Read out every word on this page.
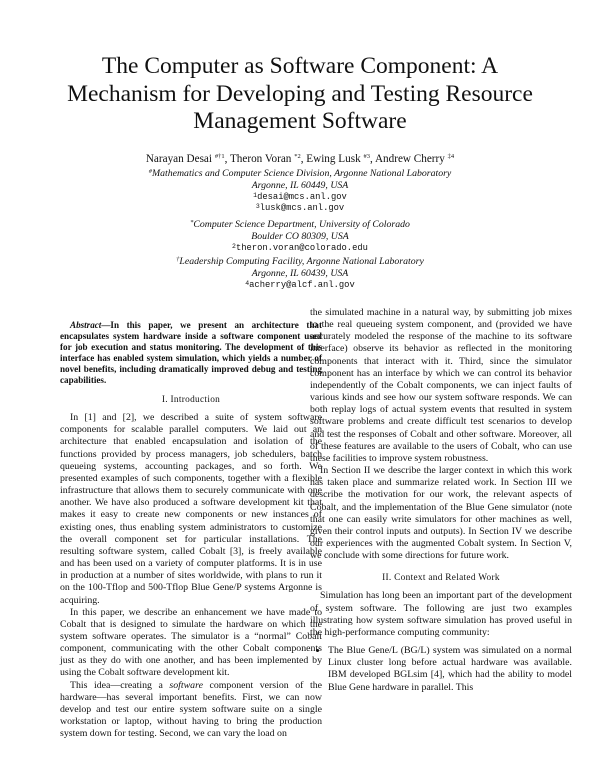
The Computer as Software Component: A
Mechanism for Developing and Testing Resource
Management Software
Narayan Desai $^{\#\dagger 1}$, Theron Voran $^{*2}$, Ewing Lusk $^{\#3}$, Andrew Cherry $^{\ddagger 4}$
#Mathematics and Computer Science Division, Argonne National Laboratory
Argonne, IL 60449, USA
$^1$desai@mcs.anl.gov
$^3$lusk@mcs.anl.gov
*Computer Science Department, University of Colorado
Boulder CO 80309, USA
$^2$theron.voran@colorado.edu
†Leadership Computing Facility, Argonne National Laboratory
Argonne, IL 60439, USA
$^4$acherry@alcf.anl.gov

Abstract—In this paper, we present an architecture that encapsulates system hardware inside a software component used for job execution and status monitoring. The development of this interface has enabled system simulation, which yields a number of novel benefits, including dramatically improved debug and testing capabilities.

I. Introduction

In [1] and [2], we described a suite of system software components for scalable parallel computers. We laid out an architecture that enabled encapsulation and isolation of the functions provided by process managers, job schedulers, batch queueing systems, accounting packages, and so forth. We presented examples of such components, together with a flexible infrastructure that allows them to securely communicate with one another. We have also produced a software development kit that makes it easy to create new components or new instances of existing ones, thus enabling system administrators to customize the overall component set for particular installations. The resulting software system, called Cobalt [3], is freely available and has been used on a variety of computer platforms. It is in use in production at a number of sites worldwide, with plans to run it on the 100-Tflop and 500-Tflop Blue Gene/P systems Argonne is acquiring.

In this paper, we describe an enhancement we have made to Cobalt that is designed to simulate the hardware on which the system software operates. The simulator is a “normal” Cobalt component, communicating with the other Cobalt components just as they do with one another, and has been implemented by using the Cobalt software development kit.

This idea—creating a software component version of the hardware—has several important benefits. First, we can now develop and test our entire system software suite on a single workstation or laptop, without having to bring the production system down for testing. Second, we can vary the load on

the simulated machine in a natural way, by submitting job mixes to the real queueing system component, and (provided we have accurately modeled the response of the machine to its software interface) observe its behavior as reflected in the monitoring components that interact with it. Third, since the simulator component has an interface by which we can control its behavior independently of the Cobalt components, we can inject faults of various kinds and see how our system software responds. We can both replay logs of actual system events that resulted in system software problems and create difficult test scenarios to develop and test the responses of Cobalt and other software. Moreover, all of these features are available to the users of Cobalt, who can use these facilities to improve system robustness.

In Section II we describe the larger context in which this work has taken place and summarize related work. In Section III we describe the motivation for our work, the relevant aspects of Cobalt, and the implementation of the Blue Gene simulator (note that one can easily write simulators for other machines as well, given their control inputs and outputs). In Section IV we describe our experiences with the augmented Cobalt system. In Section V, we conclude with some directions for future work.

II. Context and Related Work

Simulation has long been an important part of the development of system software. The following are just two examples illustrating how system software simulation has proved useful in the high-performance computing community:

• The Blue Gene/L (BG/L) system was simulated on a normal Linux cluster long before actual hardware was available. IBM developed BGLsim [4], which had the ability to model Blue Gene hardware in parallel. This
